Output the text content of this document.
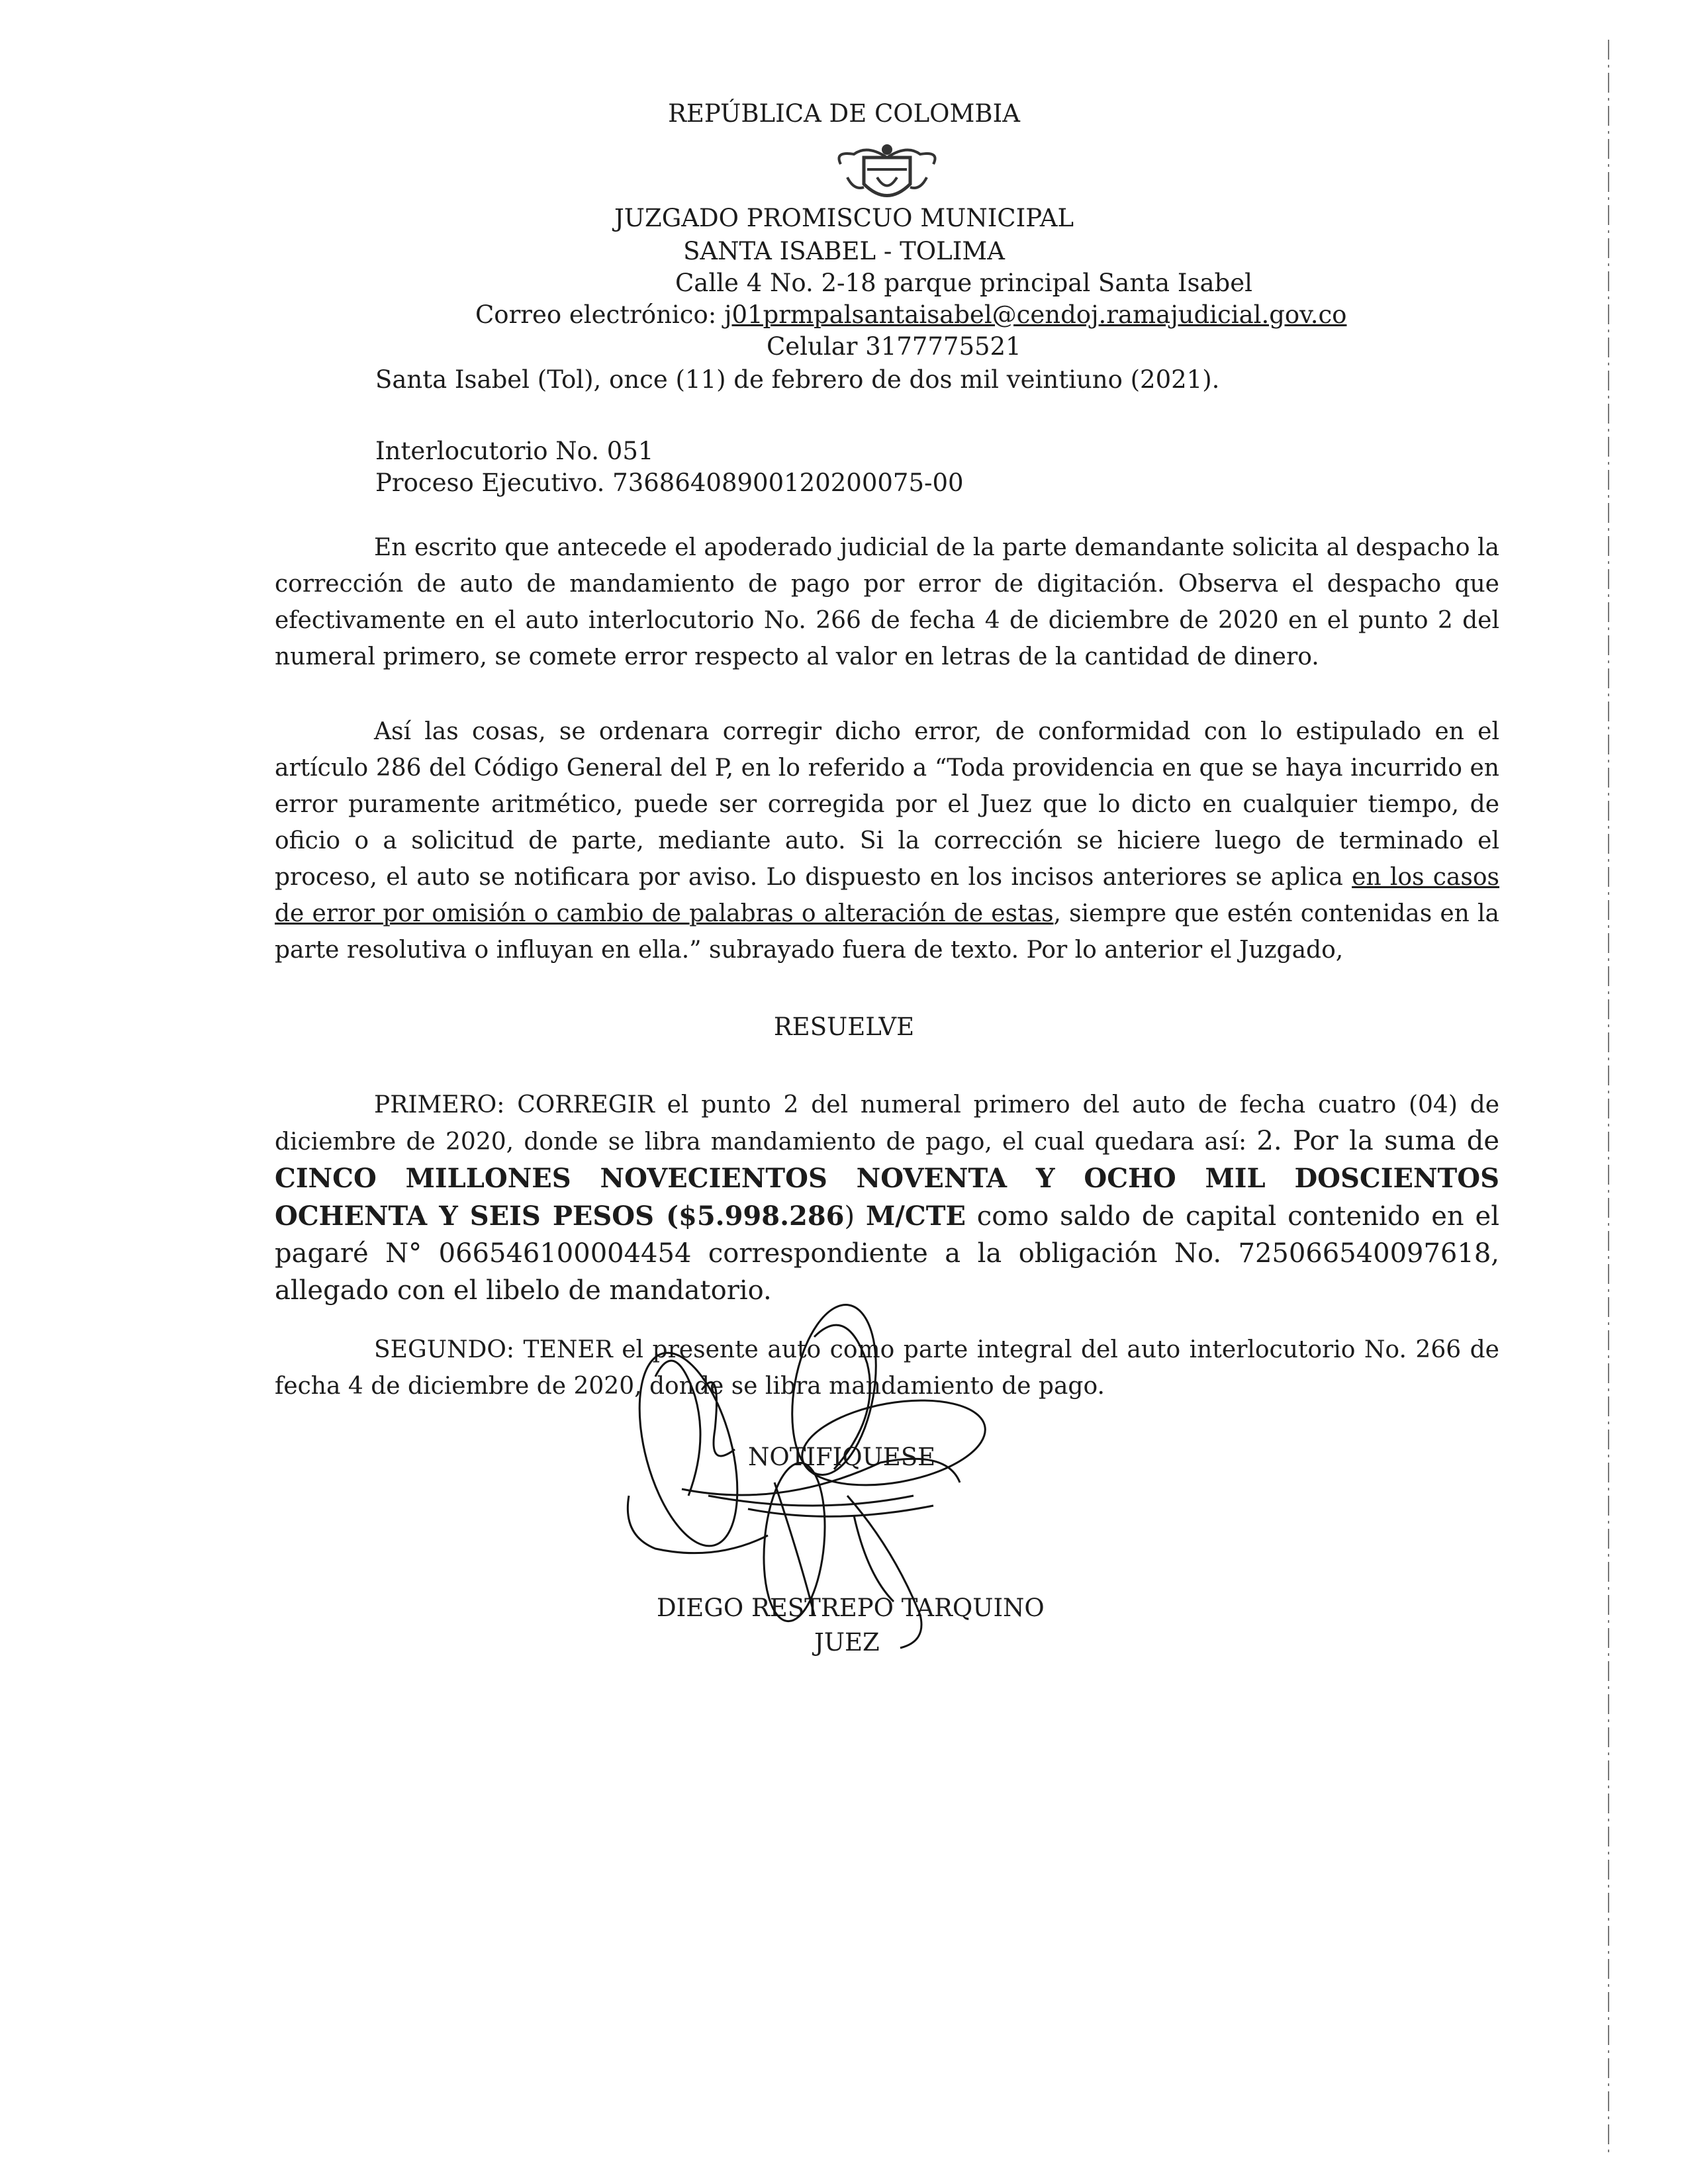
REPÚBLICA DE COLOMBIA
JUZGADO PROMISCUO MUNICIPAL
SANTA ISABEL - TOLIMA
Calle 4 No. 2-18 parque principal Santa Isabel
Correo electrónico: j01prmpalsantaisabel@cendoj.ramajudicial.gov.co
Celular 3177775521
Santa Isabel (Tol), once (11) de febrero de dos mil veintiuno (2021).
Interlocutorio No. 051
Proceso Ejecutivo. 73686408900120200075-00
En escrito que antecede el apoderado judicial de la parte demandante solicita al despacho la corrección de auto de mandamiento de pago por error de digitación. Observa el despacho que efectivamente en el auto interlocutorio No. 266 de fecha 4 de diciembre de 2020 en el punto 2 del numeral primero, se comete error respecto al valor en letras de la cantidad de dinero.
Así las cosas, se ordenara corregir dicho error, de conformidad con lo estipulado en el artículo 286 del Código General del P, en lo referido a “Toda providencia en que se haya incurrido en error puramente aritmético, puede ser corregida por el Juez que lo dicto en cualquier tiempo, de oficio o a solicitud de parte, mediante auto. Si la corrección se hiciere luego de terminado el proceso, el auto se notificara por aviso. Lo dispuesto en los incisos anteriores se aplica en los casos de error por omisión o cambio de palabras o alteración de estas, siempre que estén contenidas en la parte resolutiva o influyan en ella.” subrayado fuera de texto. Por lo anterior el Juzgado,
RESUELVE
PRIMERO: CORREGIR el punto 2 del numeral primero del auto de fecha cuatro (04) de diciembre de 2020, donde se libra mandamiento de pago, el cual quedara así: 2. Por la suma de CINCO MILLONES NOVECIENTOS NOVENTA Y OCHO MIL DOSCIENTOS OCHENTA Y SEIS PESOS ($5.998.286) M/CTE como saldo de capital contenido en el pagaré N° 066546100004454 correspondiente a la obligación No. 725066540097618, allegado con el libelo de mandatorio.
SEGUNDO: TENER el presente auto como parte integral del auto interlocutorio No. 266 de fecha 4 de diciembre de 2020, donde se libra mandamiento de pago.
NOTIFIQUESE
DIEGO RESTREPO TARQUINO
JUEZ
